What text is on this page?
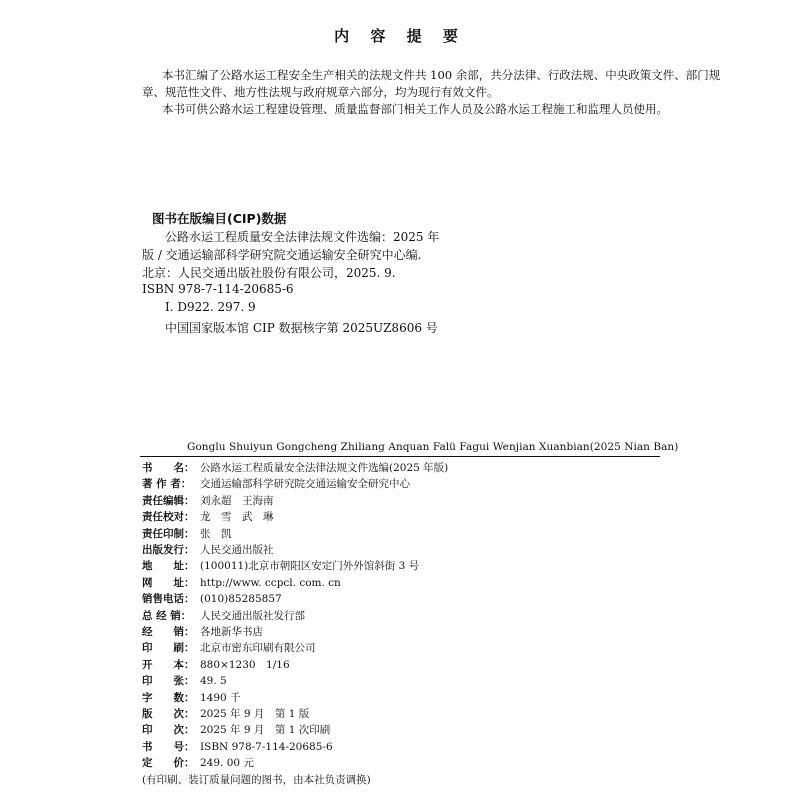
内 容 提 要
本书汇编了公路水运工程安全生产相关的法规文件共 100 余部，共分法律、行政法规、中央政策文件、部门规
章、规范性文件、地方性法规与政府规章六部分，均为现行有效文件。
本书可供公路水运工程建设管理、质量监督部门相关工作人员及公路水运工程施工和监理人员使用。
图书在版编目(CIP)数据
公路水运工程质量安全法律法规文件选编：2025 年
版 / 交通运输部科学研究院交通运输安全研究中心编.
北京：人民交通出版社股份有限公司，2025. 9.
ISBN 978-7-114-20685-6
Ⅰ. D922. 297. 9
中国国家版本馆 CIP 数据核字第 2025UZ8606 号
Gonglu Shuiyun Gongcheng Zhiliang Anquan Falü Fagui Wenjian Xuanbian(2025 Nian Ban)
书　　名： 公路水运工程质量安全法律法规文件选编(2025 年版)
著 作 者： 交通运输部科学研究院交通运输安全研究中心
责任编辑： 刘永超　王海南
责任校对： 龙　雪　武　琳
责任印制： 张　凯
出版发行： 人民交通出版社
地　　址： (100011)北京市朝阳区安定门外外馆斜街 3 号
网　　址： http://www. ccpcl. com. cn
销售电话： (010)85285857
总 经 销： 人民交通出版社发行部
经　　销： 各地新华书店
印　　刷： 北京市密东印刷有限公司
开　　本： 880×1230　1/16
印　　张： 49. 5
字　　数： 1490 千
版　　次： 2025 年 9 月　第 1 版
印　　次： 2025 年 9 月　第 1 次印刷
书　　号： ISBN 978-7-114-20685-6
定　　价： 249. 00 元
(有印刷、装订质量问题的图书，由本社负责调换)
